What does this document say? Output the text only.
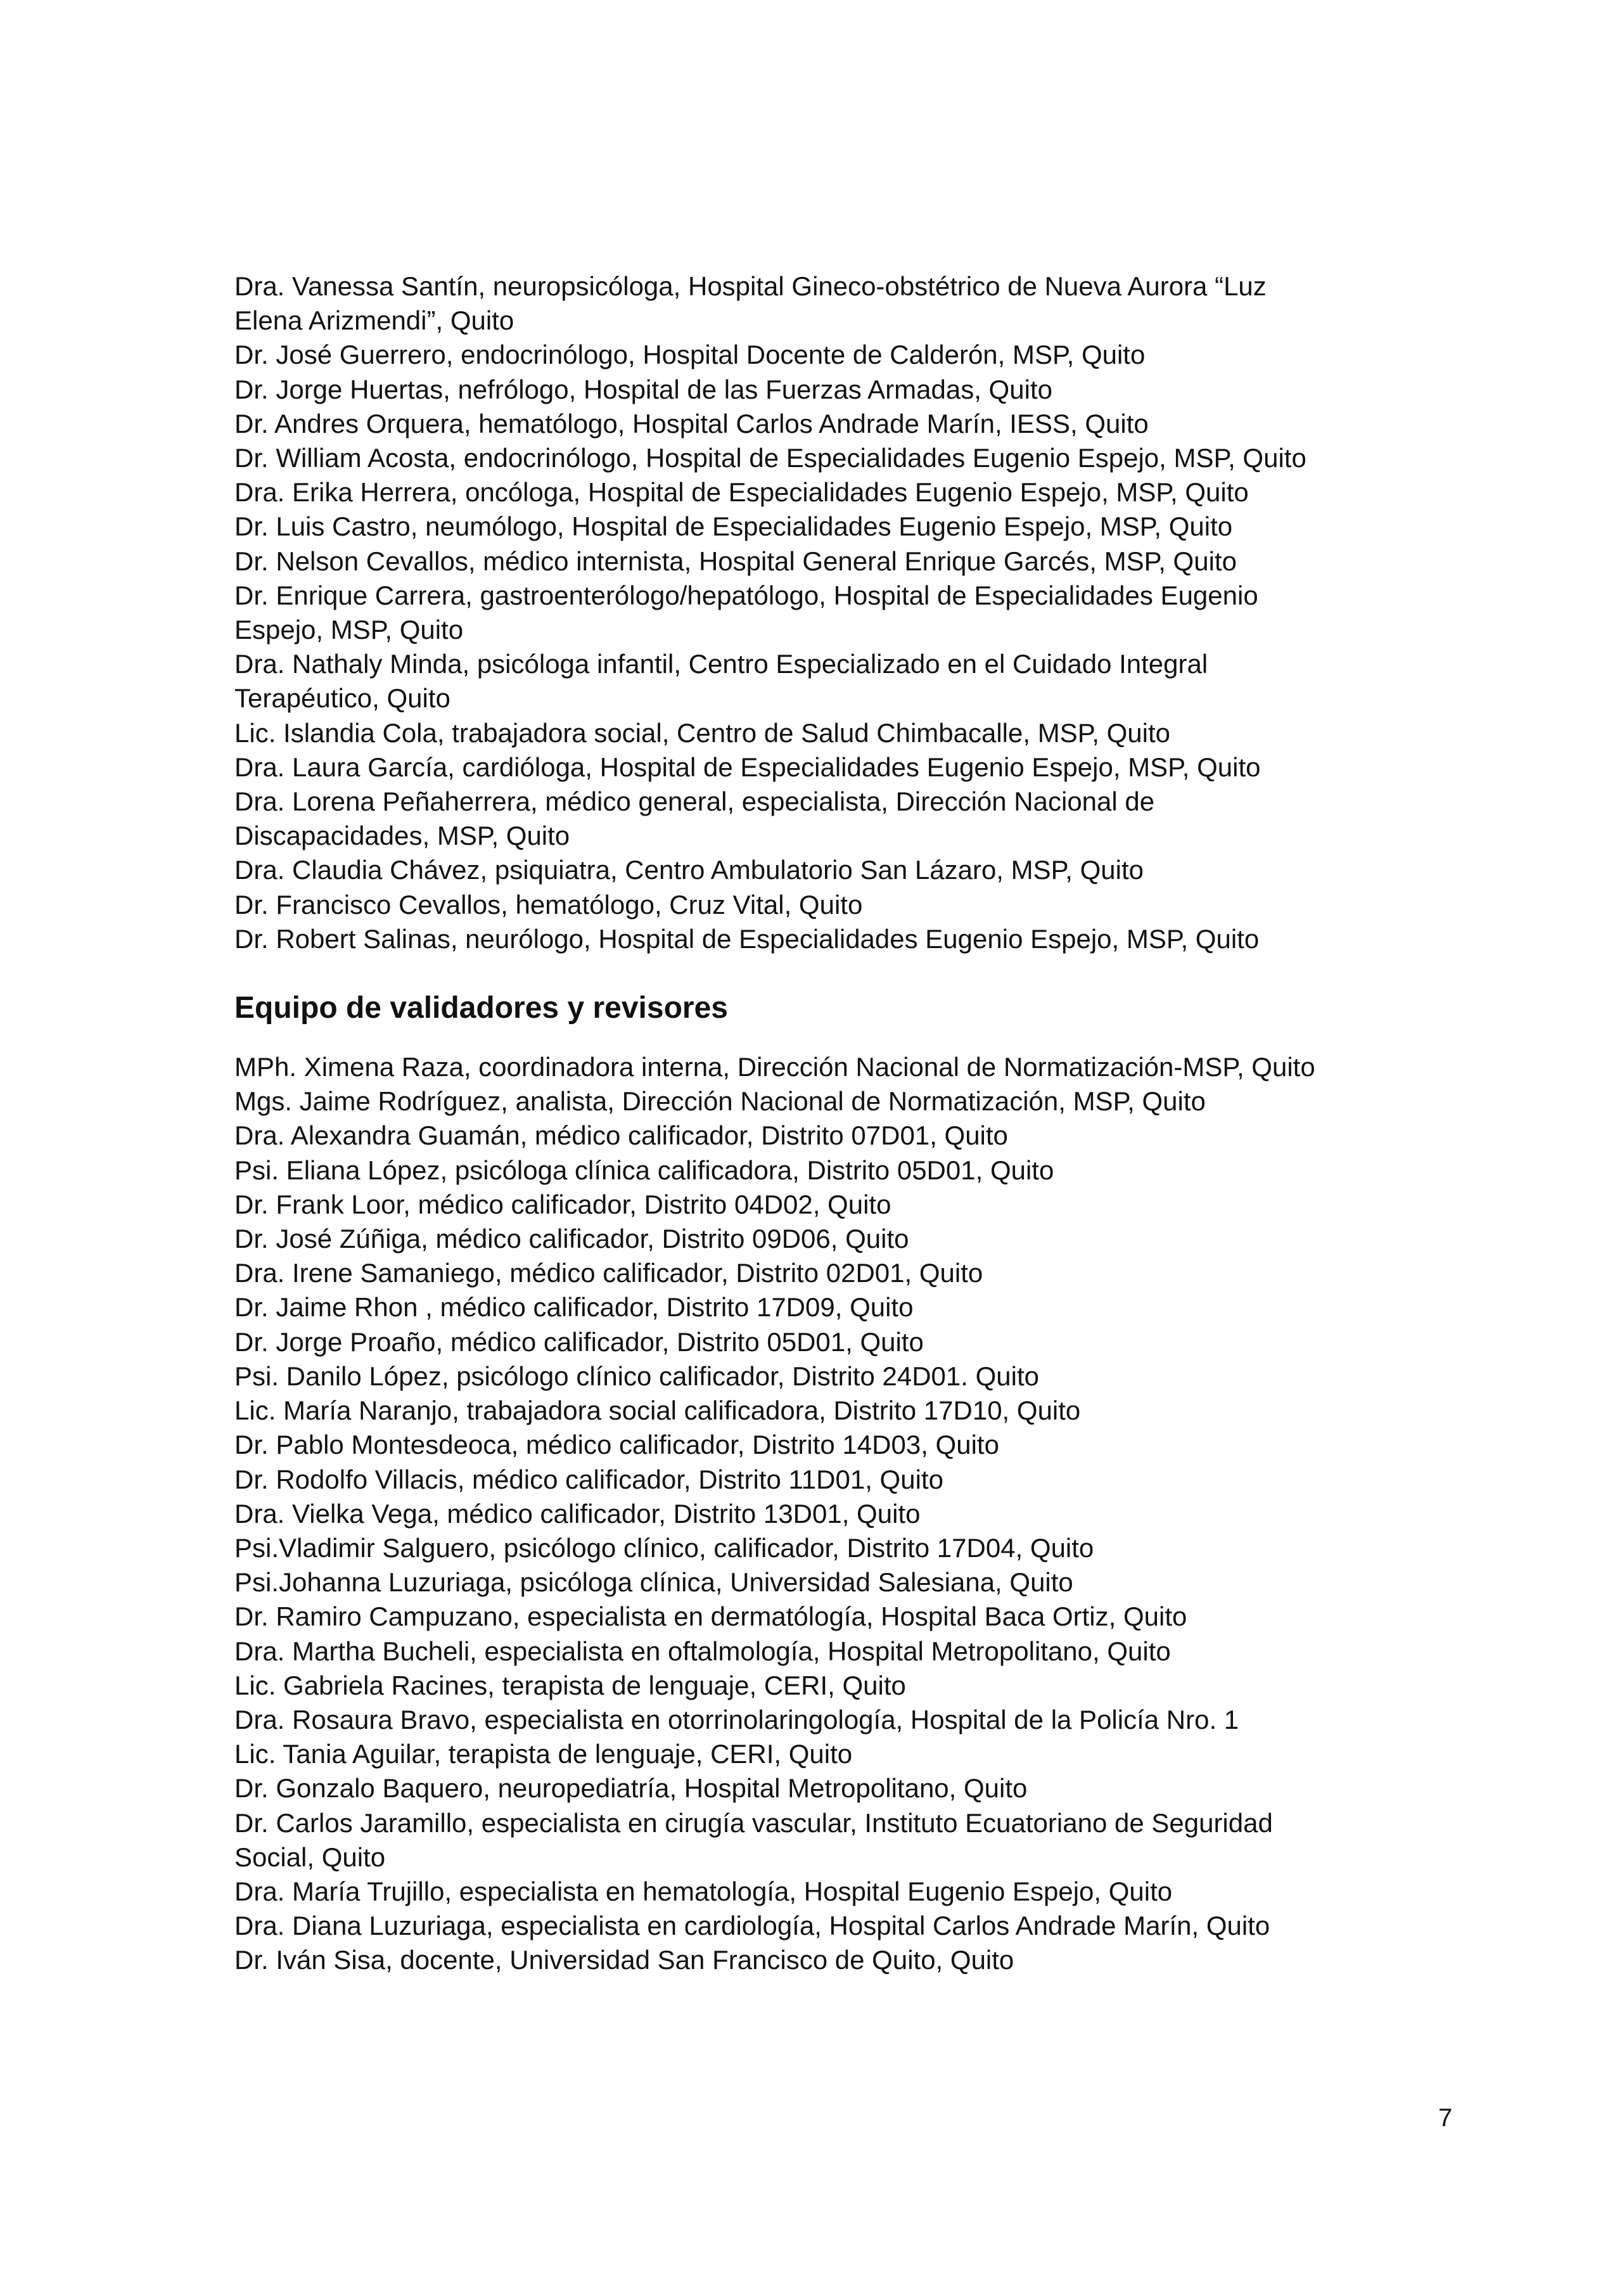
Dra. Vanessa Santín, neuropsicóloga, Hospital Gineco-obstétrico de Nueva Aurora “Luz

Elena Arizmendi”, Quito

Dr. José Guerrero, endocrinólogo, Hospital Docente de Calderón, MSP, Quito

Dr. Jorge Huertas, nefrólogo, Hospital de las Fuerzas Armadas, Quito

Dr. Andres Orquera, hematólogo, Hospital Carlos Andrade Marín, IESS, Quito

Dr. William Acosta, endocrinólogo, Hospital de Especialidades Eugenio Espejo, MSP, Quito

Dra. Erika Herrera, oncóloga, Hospital de Especialidades Eugenio Espejo, MSP, Quito

Dr. Luis Castro, neumólogo, Hospital de Especialidades Eugenio Espejo, MSP, Quito

Dr. Nelson Cevallos, médico internista, Hospital General Enrique Garcés, MSP, Quito

Dr. Enrique Carrera, gastroenterólogo/hepatólogo, Hospital de Especialidades Eugenio

Espejo, MSP, Quito

Dra. Nathaly Minda, psicóloga infantil, Centro Especializado en el Cuidado Integral

Terapéutico, Quito

Lic. Islandia Cola, trabajadora social, Centro de Salud Chimbacalle, MSP, Quito

Dra. Laura García, cardióloga, Hospital de Especialidades Eugenio Espejo, MSP, Quito

Dra. Lorena Peñaherrera, médico general, especialista, Dirección Nacional de

Discapacidades, MSP, Quito

Dra. Claudia Chávez, psiquiatra, Centro Ambulatorio San Lázaro, MSP, Quito

Dr. Francisco Cevallos, hematólogo, Cruz Vital, Quito

Dr. Robert Salinas, neurólogo, Hospital de Especialidades Eugenio Espejo, MSP, Quito

Equipo de validadores y revisores

MPh. Ximena Raza, coordinadora interna, Dirección Nacional de Normatización-MSP, Quito

Mgs. Jaime Rodríguez, analista, Dirección Nacional de Normatización, MSP, Quito

Dra. Alexandra Guamán, médico calificador, Distrito 07D01, Quito

Psi. Eliana López, psicóloga clínica calificadora, Distrito 05D01, Quito

Dr. Frank Loor, médico calificador, Distrito 04D02, Quito

Dr. José Zúñiga, médico calificador, Distrito 09D06, Quito

Dra. Irene Samaniego, médico calificador, Distrito 02D01, Quito

Dr. Jaime Rhon , médico calificador, Distrito 17D09, Quito

Dr. Jorge Proaño, médico calificador, Distrito 05D01, Quito

Psi. Danilo López, psicólogo clínico calificador, Distrito 24D01. Quito

Lic. María Naranjo, trabajadora social calificadora, Distrito 17D10, Quito

Dr. Pablo Montesdeoca, médico calificador, Distrito 14D03, Quito

Dr. Rodolfo Villacis, médico calificador, Distrito 11D01, Quito

Dra. Vielka Vega, médico calificador, Distrito 13D01, Quito

Psi.Vladimir Salguero, psicólogo clínico, calificador, Distrito 17D04, Quito

Psi.Johanna Luzuriaga, psicóloga clínica, Universidad Salesiana, Quito

Dr. Ramiro Campuzano, especialista en dermatólogía, Hospital Baca Ortiz, Quito

Dra. Martha Bucheli, especialista en oftalmología, Hospital Metropolitano, Quito

Lic. Gabriela Racines, terapista de lenguaje, CERI, Quito

Dra. Rosaura Bravo, especialista en otorrinolaringología, Hospital de la Policía Nro. 1

Lic. Tania Aguilar, terapista de lenguaje, CERI, Quito

Dr. Gonzalo Baquero, neuropediatría, Hospital Metropolitano, Quito

Dr. Carlos Jaramillo, especialista en cirugía vascular, Instituto Ecuatoriano de Seguridad

Social, Quito

Dra. María Trujillo, especialista en hematología, Hospital Eugenio Espejo, Quito

Dra. Diana Luzuriaga, especialista en cardiología, Hospital Carlos Andrade Marín, Quito

Dr. Iván Sisa, docente, Universidad San Francisco de Quito, Quito

7
